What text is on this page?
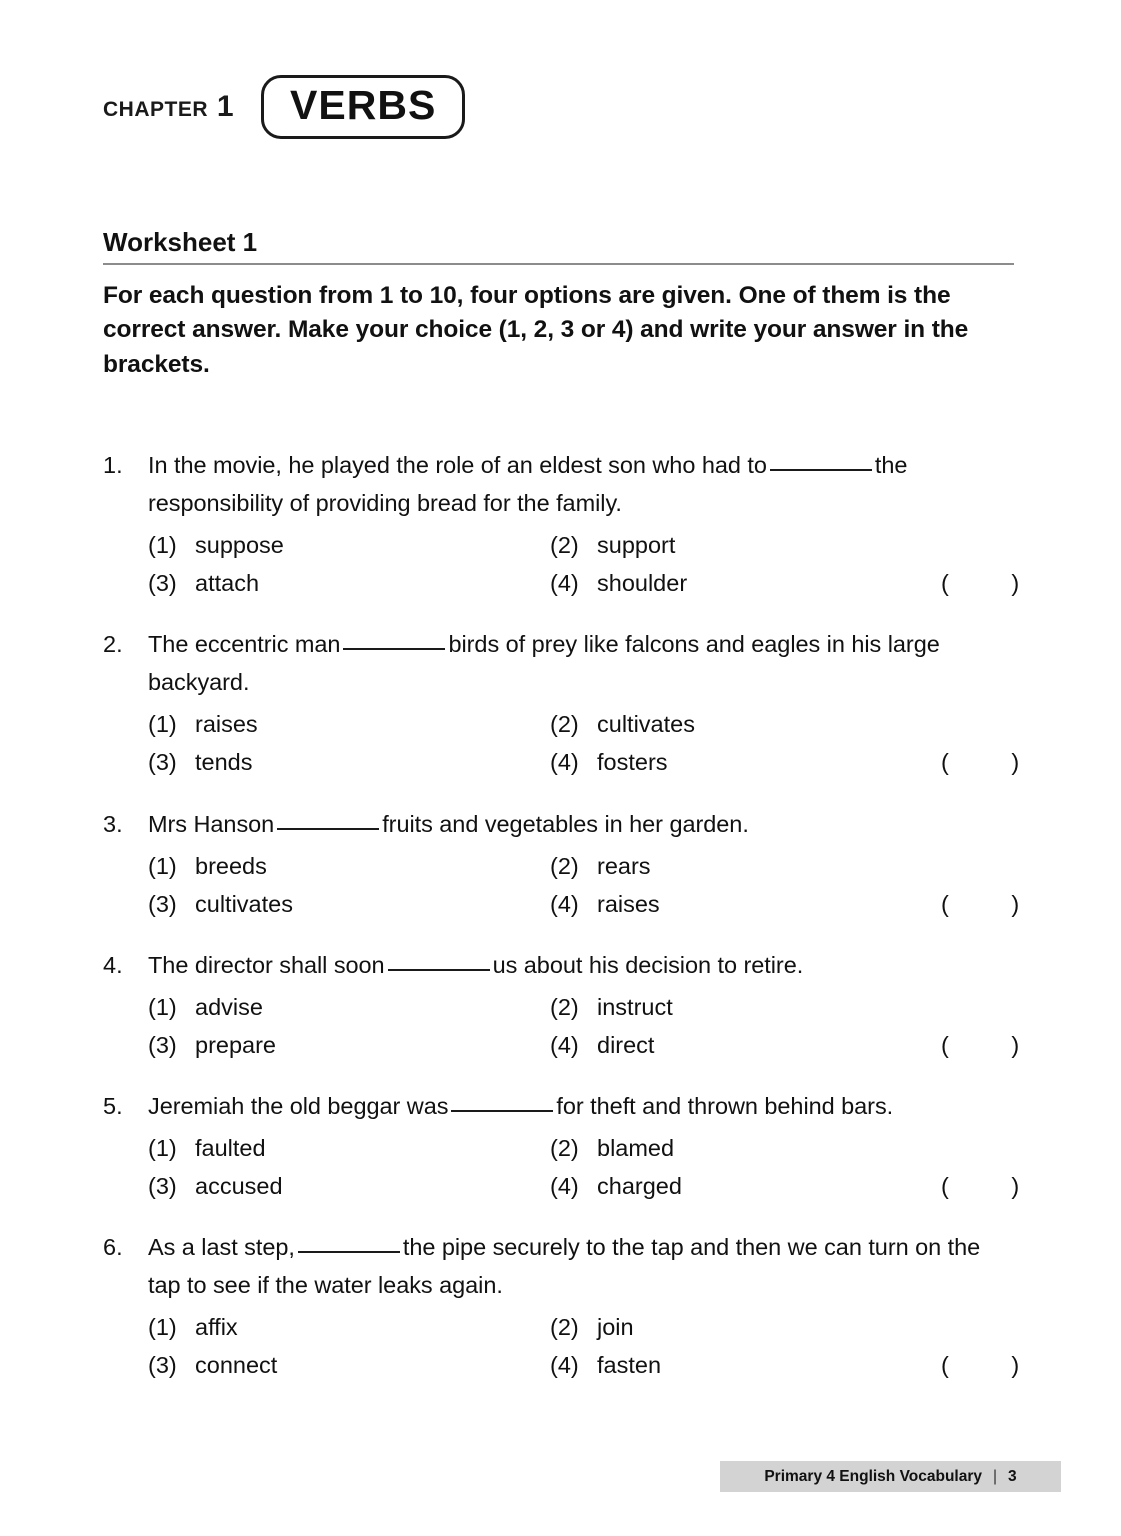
chapter 1 VERBS
Worksheet 1
For each question from 1 to 10, four options are given. One of them is the correct answer. Make your choice (1, 2, 3 or 4) and write your answer in the brackets.
1.	In the movie, he played the role of an eldest son who had to	the responsibility of providing bread for the family.
(1) suppose	(2) support
(3) attach	(4) shoulder	( )
2.	The eccentric man	birds of prey like falcons and eagles in his large backyard.
(1) raises	(2) cultivates
(3) tends	(4) fosters	( )
3.	Mrs Hanson	fruits and vegetables in her garden.
(1) breeds	(2) rears
(3) cultivates	(4) raises	( )
4.	The director shall soon	us about his decision to retire.
(1) advise	(2) instruct
(3) prepare	(4) direct	( )
5.	Jeremiah the old beggar was	for theft and thrown behind bars.
(1) faulted	(2) blamed
(3) accused	(4) charged	( )
6.	As a last step,	the pipe securely to the tap and then we can turn on the tap to see if the water leaks again.
(1) affix	(2) join
(3) connect	(4) fasten	( )
Primary 4 English Vocabulary | 3
